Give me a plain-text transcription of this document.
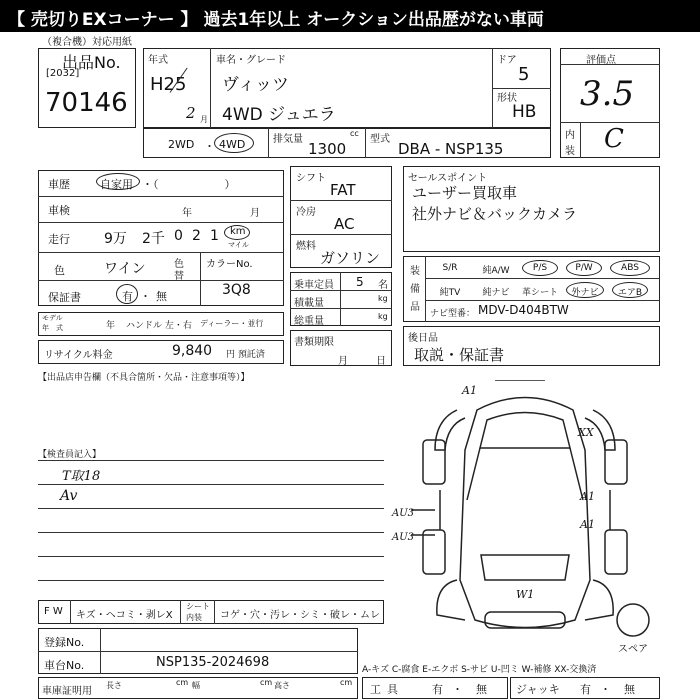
【 売切りEXコーナー 】 過去1年以上 オークション出品歴がない車両
（複合機）対応用紙
出品No.
[2032]
70146
年式
H25
2 月
車名・グレード
ヴィッツ
4WD ジュエラ
ドア
5
形状
HB
評価点
3.5
内
装 C
2WD ・ 4WD	排気量
cc
1300
型式
DBA - NSP135
車歴	自家用 ・（　　　　　　）
車検	年	月
走行 9万 2千 0 2 1 km
マイル
色	ワイン	色
替
カラーNo.
3Q8
保証書	有 ・ 無
モデル
年　式	年 ハンドル 左・右 ディーラー・並行
リサイクル料金	9,840 円 預託済
シフト
FAT
冷房
AC
燃料
ガソリン
乗車定員 5 名
積載量	kg
総重量	kg
書類期限
月	日
セールスポイント
ユーザー買取車
社外ナビ＆バックカメラ
装
備
品
S/R	純A/W	P/S	P/W	ABS
純TV	純ナビ	革シート	外ナビ	エアB
ナビ型番： MDV-D404BTW
後日品
取説・保証書
【出品店申告欄（不具合箇所・欠品・注意事項等）】
【検査員記入】
T取18
Av
A1
XX
A1
A1
AU3
AU3
W1
スペア
F W キズ・ヘコミ・剥レX
シート
内装 コゲ・穴・汚レ・シミ・破レ・ムレ
登録No.
車台No.	NSP135-2024698	A-キズ C-腐食 E-エクボ S-サビ U-凹ミ W-補修 XX-交換済
車庫証明用
長さ	cm 幅	cm 高さ	cm
工具	有 ・ 無	ジャッキ 有 ・ 無
